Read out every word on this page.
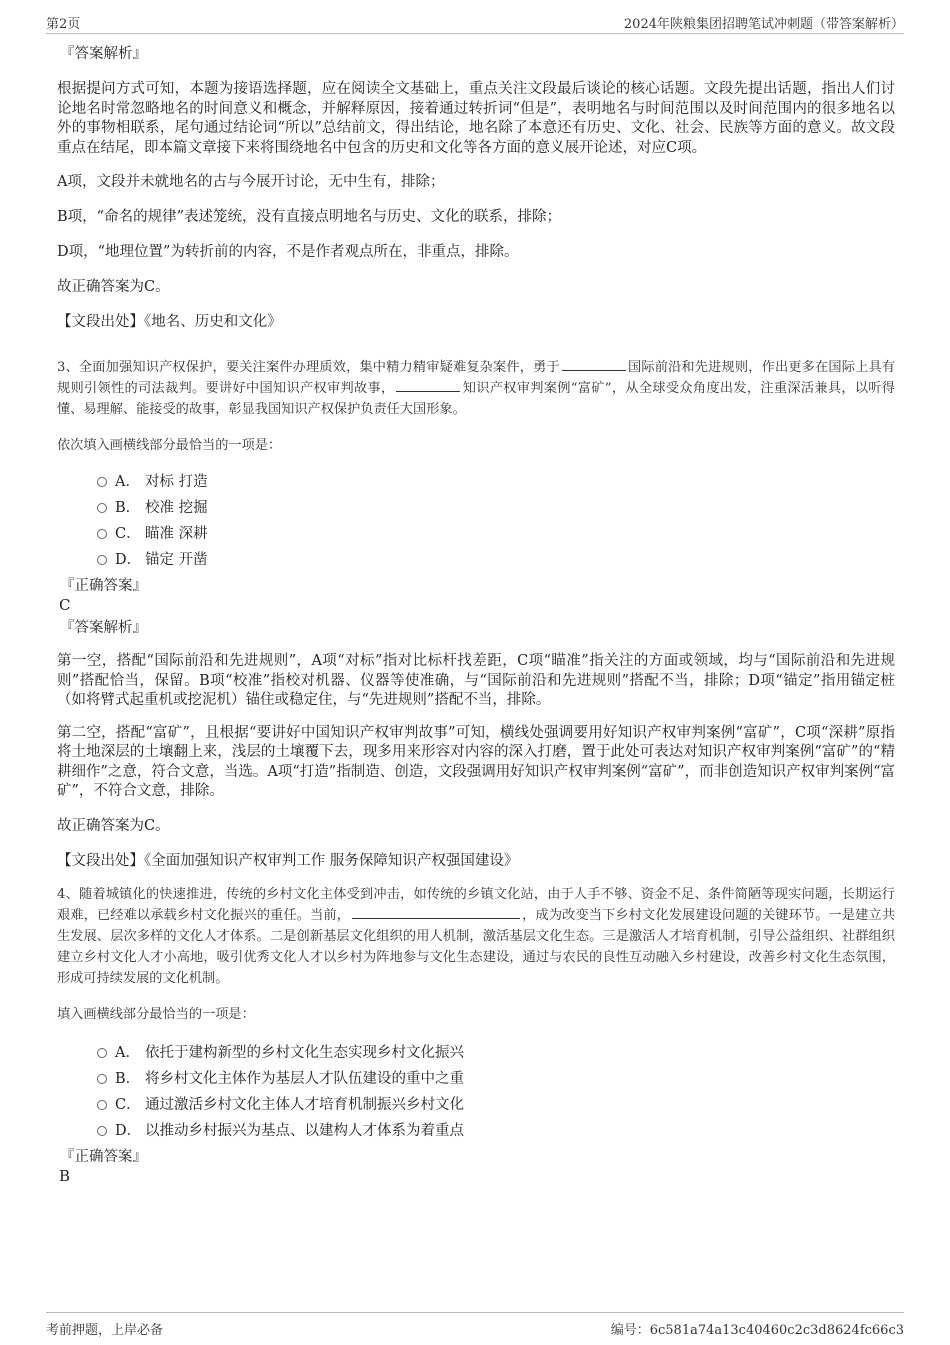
第2页	2024年陕粮集团招聘笔试冲刺题（带答案解析）
『答案解析』
根据提问方式可知，本题为接语选择题，应在阅读全文基础上，重点关注文段最后谈论的核心话题。文段先提出话题，指出人们讨论地名时常忽略地名的时间意义和概念，并解释原因，接着通过转折词“但是”，表明地名与时间范围以及时间范围内的很多地名以外的事物相联系，尾句通过结论词“所以”总结前文，得出结论，地名除了本意还有历史、文化、社会、民族等方面的意义。故文段重点在结尾，即本篇文章接下来将围绕地名中包含的历史和文化等各方面的意义展开论述，对应C项。
A项，文段并未就地名的古与今展开讨论，无中生有，排除；
B项，“命名的规律”表述笼统，没有直接点明地名与历史、文化的联系，排除；
D项，“地理位置”为转折前的内容，不是作者观点所在，非重点，排除。
故正确答案为C。
【文段出处】《地名、历史和文化》
3、全面加强知识产权保护，要关注案件办理质效，集中精力精审疑难复杂案件，勇于	国际前沿和先进规则，作出更多在国际上具有规则引领性的司法裁判。要讲好中国知识产权审判故事，	知识产权审判案例“富矿”，从全球受众角度出发，注重深活兼具，以听得懂、易理解、能接受的故事，彰显我国知识产权保护负责任大国形象。
依次填入画横线部分最恰当的一项是：
A． 对标 打造
B． 校准 挖掘
C． 瞄准 深耕
D． 锚定 开凿
『正确答案』
C
『答案解析』
第一空，搭配“国际前沿和先进规则”，A项“对标”指对比标杆找差距，C项“瞄准”指关注的方面或领域，均与“国际前沿和先进规则”搭配恰当，保留。B项“校准”指校对机器、仪器等使准确，与“国际前沿和先进规则”搭配不当，排除；D项“锚定”指用锚定桩（如将臂式起重机或挖泥机）锚住或稳定住，与“先进规则”搭配不当，排除。
第二空，搭配“富矿”，且根据“要讲好中国知识产权审判故事”可知，横线处强调要用好知识产权审判案例“富矿”，C项“深耕”原指将土地深层的土壤翻上来，浅层的土壤覆下去，现多用来形容对内容的深入打磨，置于此处可表达对知识产权审判案例“富矿”的“精耕细作”之意，符合文意，当选。A项“打造”指制造、创造，文段强调用好知识产权审判案例“富矿”，而非创造知识产权审判案例“富矿”，不符合文意，排除。
故正确答案为C。
【文段出处】《全面加强知识产权审判工作 服务保障知识产权强国建设》
4、随着城镇化的快速推进，传统的乡村文化主体受到冲击，如传统的乡镇文化站，由于人手不够、资金不足、条件简陋等现实问题，长期运行艰难，已经难以承载乡村文化振兴的重任。当前，	，成为改变当下乡村文化发展建设问题的关键环节。一是建立共生发展、层次多样的文化人才体系。二是创新基层文化组织的用人机制，激活基层文化生态。三是激活人才培育机制，引导公益组织、社群组织建立乡村文化人才小高地，吸引优秀文化人才以乡村为阵地参与文化生态建设，通过与农民的良性互动融入乡村建设，改善乡村文化生态氛围，形成可持续发展的文化机制。
填入画横线部分最恰当的一项是：
A． 依托于建构新型的乡村文化生态实现乡村文化振兴
B． 将乡村文化主体作为基层人才队伍建设的重中之重
C． 通过激活乡村文化主体人才培育机制振兴乡村文化
D． 以推动乡村振兴为基点、以建构人才体系为着重点
『正确答案』
B
考前押题，上岸必备	编号：6c581a74a13c40460c2c3d8624fc66c3
